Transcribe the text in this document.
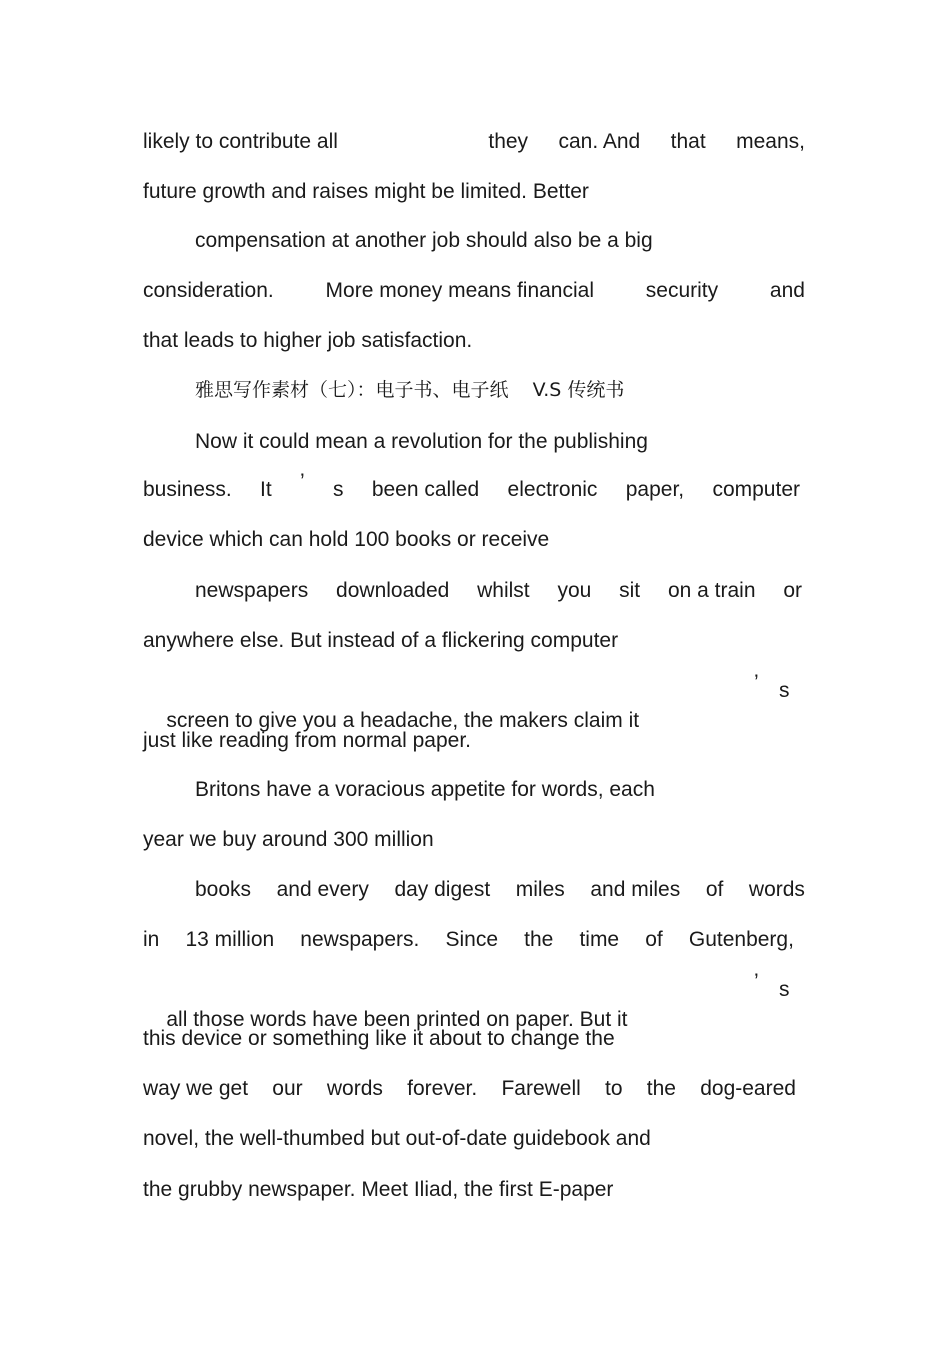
likely to contribute all	they can. And that means,
future growth and raises might be limited. Better
compensation at another job should also be a big
consideration. More money means financial security and
that leads to higher job satisfaction.
雅思写作素材（七）：电子书、电子纸    V.S 传统书
Now it could mean a revolution for the publishing
business. It ’ s been called electronic paper, computer
device which can hold 100 books or receive
newspapers downloaded whilst you sit on a train or
anywhere else. But instead of a flickering computer

screen to give you a headache, the makers claim it

’

s

just like reading from normal paper.
Britons have a voracious appetite for words, each
year we buy around 300 million
books and every day digest miles and miles of words
in 13 million newspapers. Since the time of Gutenberg,

all those words have been printed on paper. But it

’

s

this device or something like it about to change the
way we get our words forever. Farewell to the dog-eared
novel, the well-thumbed but out-of-date guidebook and
the grubby newspaper. Meet Iliad, the first E-paper
